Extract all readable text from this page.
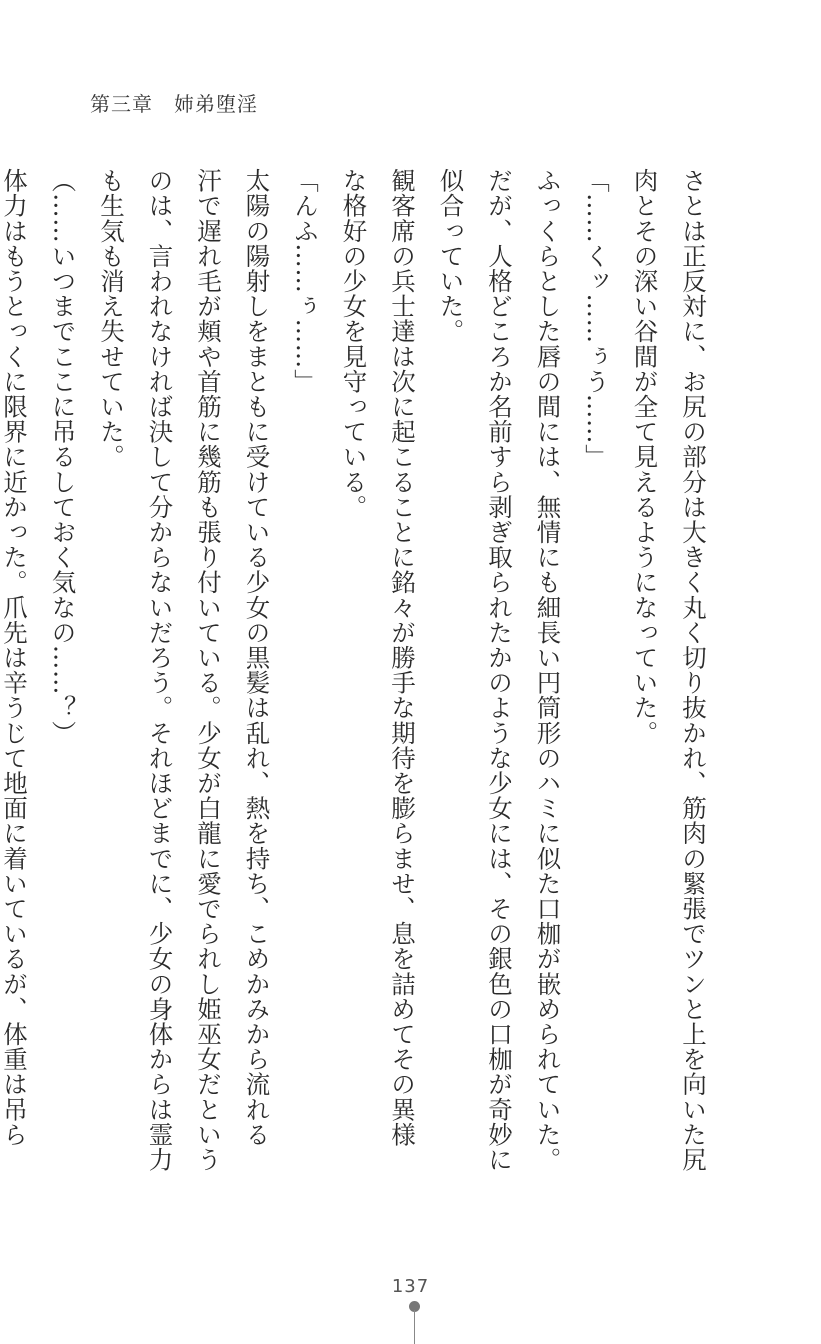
第三章　姉弟堕淫

さとは正反対に、お尻の部分は大きく丸く切り抜かれ、筋肉の緊張でツンと上を向いた尻

肉とその深い谷間が全て見えるようになっていた。

「……くッ……ぅう……」

ふっくらとした唇の間には、無情にも細長い円筒形のハミに似た口枷が嵌められていた。

だが、人格どころか名前すら剥ぎ取られたかのような少女には、その銀色の口枷が奇妙に

似合っていた。

観客席の兵士達は次に起こることに銘々が勝手な期待を膨らませ、息を詰めてその異様

な格好の少女を見守っている。

「んふ……ぅ……」

太陽の陽射しをまともに受けている少女の黒髪は乱れ、熱を持ち、こめかみから流れる

汗で遅れ毛が頬や首筋に幾筋も張り付いている。少女が白龍に愛でられし姫巫女だという

のは、言われなければ決して分からないだろう。それほどまでに、少女の身体からは霊力

も生気も消え失せていた。

（……いつまでここに吊るしておく気なの……？）

体力はもうとっくに限界に近かった。爪先は辛うじて地面に着いているが、体重は吊ら

137
